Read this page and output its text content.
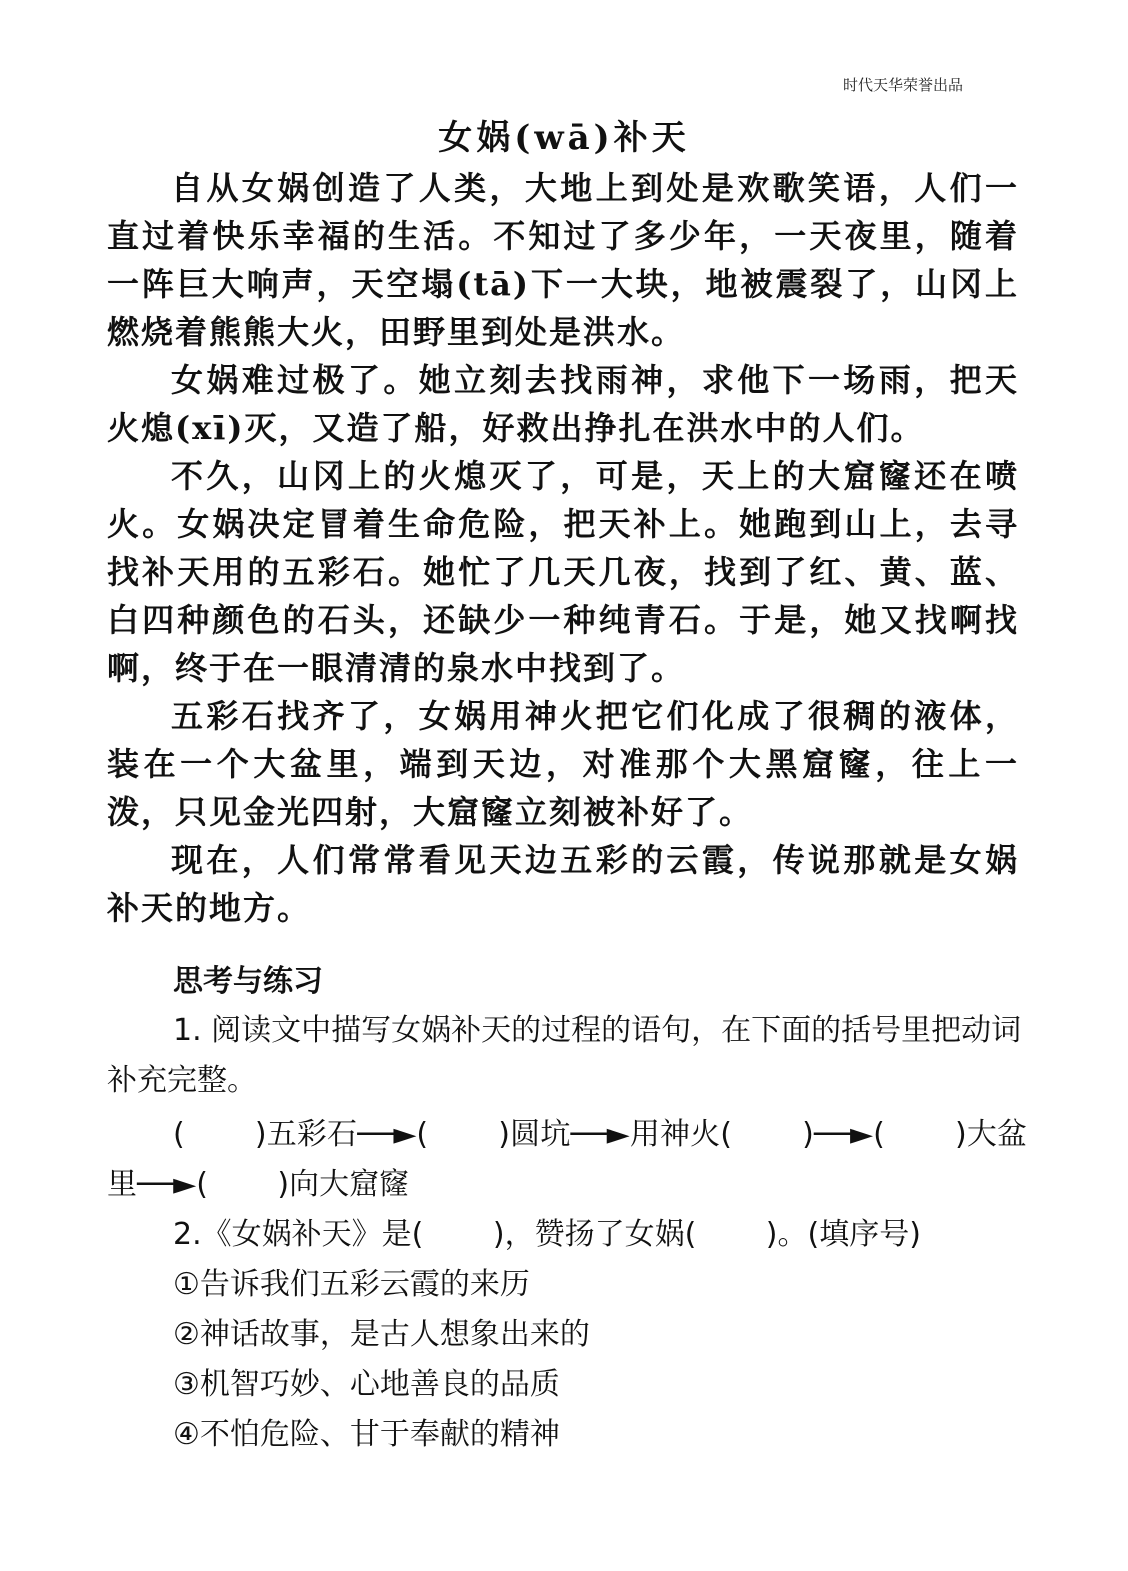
时代天华荣誉出品
女娲(wā)补天

自从女娲创造了人类，大地上到处是欢歌笑语，人们一直过着快乐幸福的生活。不知过了多少年，一天夜里，随着一阵巨大响声，天空塌(tā)下一大块，地被震裂了，山冈上燃烧着熊熊大火，田野里到处是洪水。

女娲难过极了。她立刻去找雨神，求他下一场雨，把天火熄(xī)灭，又造了船，好救出挣扎在洪水中的人们。

不久，山冈上的火熄灭了，可是，天上的大窟窿还在喷火。女娲决定冒着生命危险，把天补上。她跑到山上，去寻找补天用的五彩石。她忙了几天几夜，找到了红、黄、蓝、白四种颜色的石头，还缺少一种纯青石。于是，她又找啊找啊，终于在一眼清清的泉水中找到了。

五彩石找齐了，女娲用神火把它们化成了很稠的液体，装在一个大盆里，端到天边，对准那个大黑窟窿，往上一泼，只见金光四射，大窟窿立刻被补好了。

现在，人们常常看见天边五彩的云霞，传说那就是女娲补天的地方。

思考与练习

1. 阅读文中描写女娲补天的过程的语句，在下面的括号里把动词补充完整。

(　　 )五彩石──►(　　 )圆坑──►用神火(　　 )──►(　　 )大盆里──►(　　 )向大窟窿
2.《女娲补天》是(　　 )，赞扬了女娲(　　 )。(填序号)
①告诉我们五彩云霞的来历
②神话故事，是古人想象出来的
③机智巧妙、心地善良的品质
④不怕危险、甘于奉献的精神
